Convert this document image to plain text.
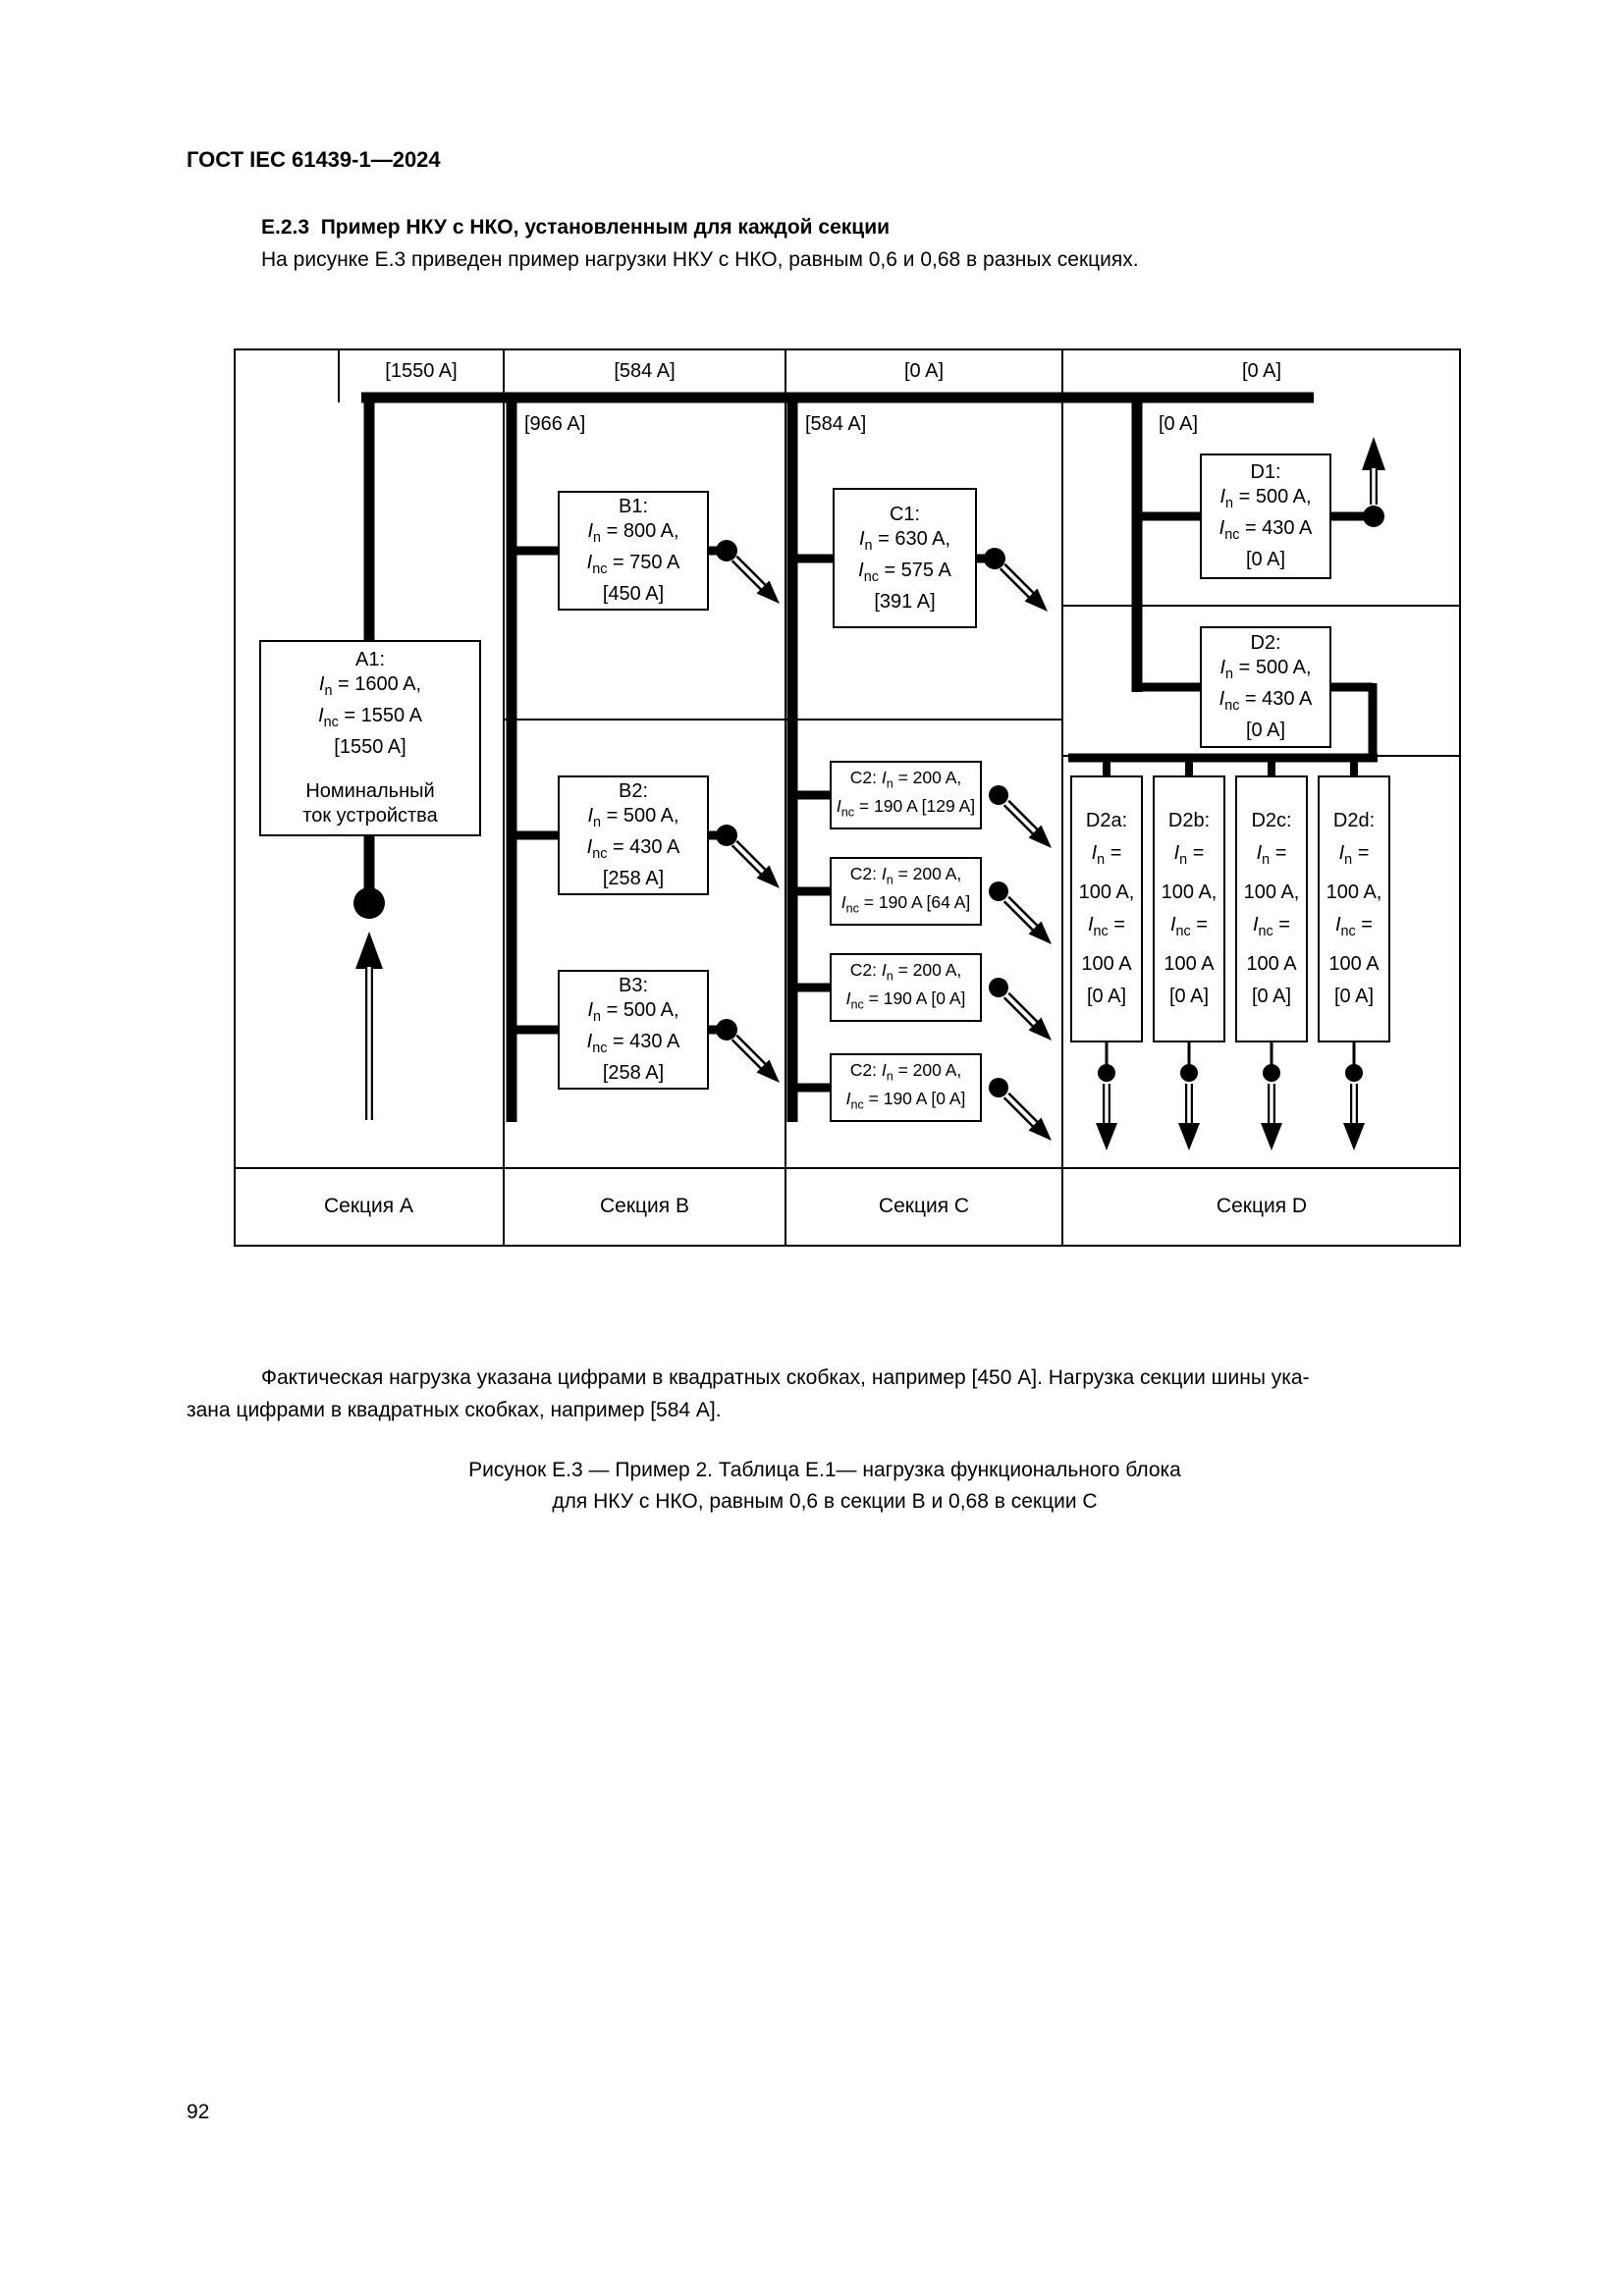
ГОСТ IEC 61439-1—2024
Е.2.3  Пример НКУ с НКО, установленным для каждой секции
На рисунке Е.3 приведен пример нагрузки НКУ с НКО, равным 0,6 и 0,68 в разных секциях.
[1550 A]	[584 A]	[0 A]	[0 A]
[966 A]	[584 A]	[0 A]
A1:
$I_n = 1600$ A,
$I_{nc} = 1550$ A
[1550 A]
Номинальный
ток устройства
B1:
$I_n = 800$ A,
$I_{nc} = 750$ A
[450 A]
B2:
$I_n = 500$ A,
$I_{nc} = 430$ A
[258 A]
B3:
$I_n = 500$ A,
$I_{nc} = 430$ A
[258 A]
C1:
$I_n = 630$ A,
$I_{nc} = 575$ A
[391 A]
C2: $I_n = 200$ A,
$I_{nc} = 190$ A [129 A]
C2: $I_n = 200$ A,
$I_{nc} = 190$ A [64 A]
C2: $I_n = 200$ A,
$I_{nc} = 190$ A [0 A]
C2: $I_n = 200$ A,
$I_{nc} = 190$ A [0 A]
D1:
$I_n = 500$ A,
$I_{nc} = 430$ A
[0 A]
D2:
$I_n = 500$ A,
$I_{nc} = 430$ A
[0 A]
D2a:
$I_n$ =
100 A,
$I_{nc}$ =
100 A
[0 A]
D2b:
$I_n$ =
100 A,
$I_{nc}$ =
100 A
[0 A]
D2c:
$I_n$ =
100 A,
$I_{nc}$ =
100 A
[0 A]
D2d:
$I_n$ =
100 A,
$I_{nc}$ =
100 A
[0 A]
Секция А	Секция В	Секция С	Секция D
Фактическая нагрузка указана цифрами в квадратных скобках, например [450 А]. Нагрузка секции шины ука-
зана цифрами в квадратных скобках, например [584 А].
Рисунок Е.3 — Пример 2. Таблица Е.1— нагрузка функционального блока
для НКУ с НКО, равным 0,6 в секции В и 0,68 в секции С
92
